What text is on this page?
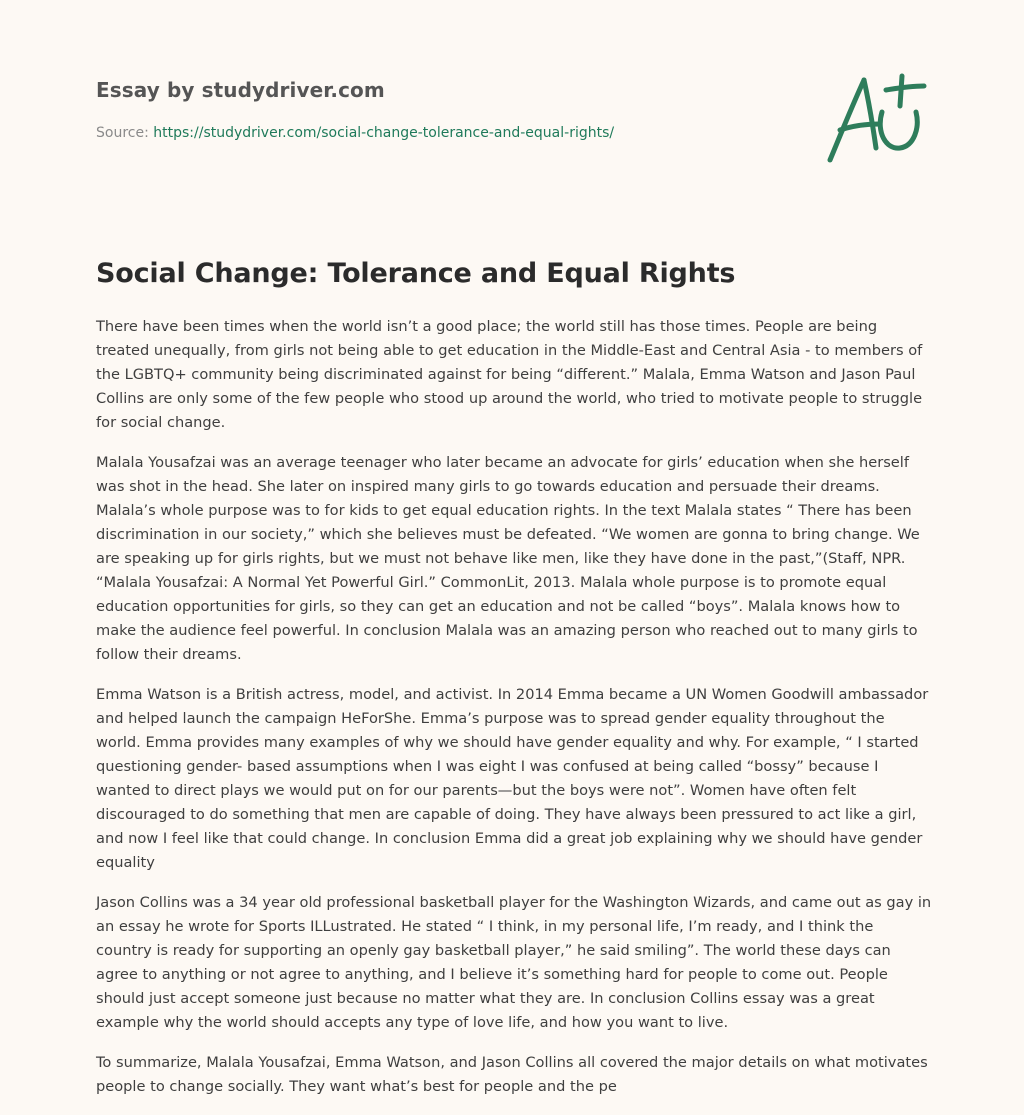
Essay by studydriver.com
Source: https://studydriver.com/social-change-tolerance-and-equal-rights/
Social Change: Tolerance and Equal Rights

There have been times when the world isn’t a good place; the world still has those times. People are being treated unequally, from girls not being able to get education in the Middle-East and Central Asia - to members of the LGBTQ+ community being discriminated against for being “different.” Malala, Emma Watson and Jason Paul Collins are only some of the few people who stood up around the world, who tried to motivate people to struggle for social change.

Malala Yousafzai was an average teenager who later became an advocate for girls’ education when she herself was shot in the head. She later on inspired many girls to go towards education and persuade their dreams. Malala’s whole purpose was to for kids to get equal education rights. In the text Malala states “ There has been discrimination in our society,” which she believes must be defeated. “We women are gonna to bring change. We are speaking up for girls rights, but we must not behave like men, like they have done in the past,”(Staff, NPR. “Malala Yousafzai: A Normal Yet Powerful Girl.” CommonLit, 2013. Malala whole purpose is to promote equal education opportunities for girls, so they can get an education and not be called “boys”. Malala knows how to make the audience feel powerful. In conclusion Malala was an amazing person who reached out to many girls to follow their dreams.

Emma Watson is a British actress, model, and activist. In 2014 Emma became a UN Women Goodwill ambassador and helped launch the campaign HeForShe. Emma’s purpose was to spread gender equality throughout the world. Emma provides many examples of why we should have gender equality and why. For example, “ I started questioning gender- based assumptions when I was eight I was confused at being called “bossy” because I wanted to direct plays we would put on for our parents—but the boys were not”. Women have often felt discouraged to do something that men are capable of doing. They have always been pressured to act like a girl, and now I feel like that could change. In conclusion Emma did a great job explaining why we should have gender equality

Jason Collins was a 34 year old professional basketball player for the Washington Wizards, and came out as gay in an essay he wrote for Sports ILLustrated. He stated “ I think, in my personal life, I’m ready, and I think the country is ready for supporting an openly gay basketball player,” he said smiling”. The world these days can agree to anything or not agree to anything, and I believe it’s something hard for people to come out. People should just accept someone just because no matter what they are. In conclusion Collins essay was a great example why the world should accepts any type of love life, and how you want to live.

To summarize, Malala Yousafzai, Emma Watson, and Jason Collins all covered the major details on what motivates people to change socially. They want what’s best for people and the pe
